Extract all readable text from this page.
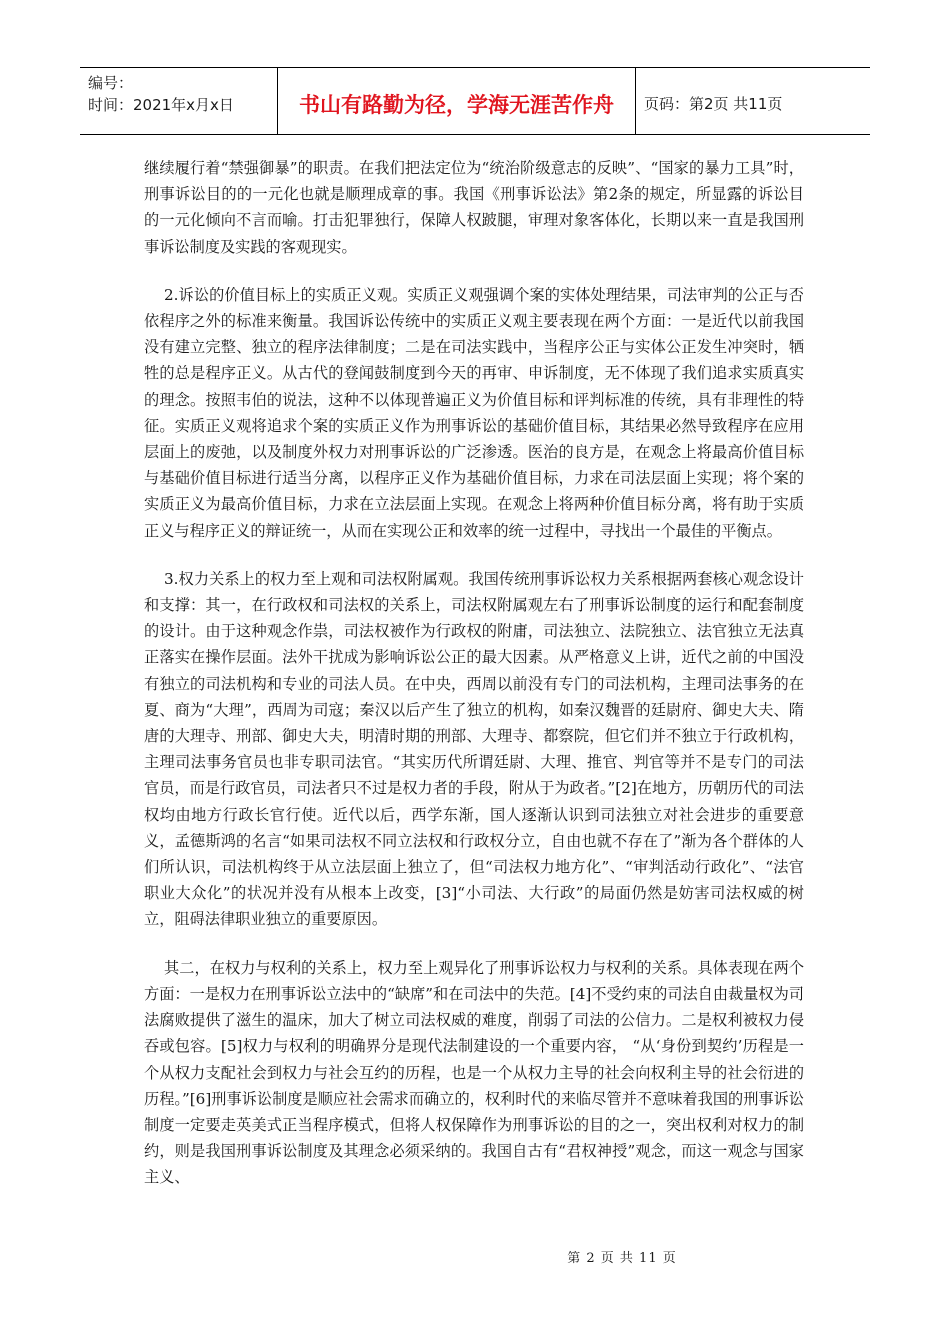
编号：
时间：2021年x月x日	书山有路勤为径，学海无涯苦作舟	页码：第2页 共11页

继续履行着“禁强御暴”的职责。在我们把法定位为“统治阶级意志的反映”、“国家的暴力工具”时，刑事诉讼目的的一元化也就是顺理成章的事。我国《刑事诉讼法》第2条的规定，所显露的诉讼目的一元化倾向不言而喻。打击犯罪独行，保障人权跛腿，审理对象客体化，长期以来一直是我国刑事诉讼制度及实践的客观现实。

2.诉讼的价值目标上的实质正义观。实质正义观强调个案的实体处理结果，司法审判的公正与否依程序之外的标准来衡量。我国诉讼传统中的实质正义观主要表现在两个方面：一是近代以前我国没有建立完整、独立的程序法律制度；二是在司法实践中，当程序公正与实体公正发生冲突时，牺牲的总是程序正义。从古代的登闻鼓制度到今天的再审、申诉制度，无不体现了我们追求实质真实的理念。按照韦伯的说法，这种不以体现普遍正义为价值目标和评判标准的传统，具有非理性的特征。实质正义观将追求个案的实质正义作为刑事诉讼的基础价值目标，其结果必然导致程序在应用层面上的废弛，以及制度外权力对刑事诉讼的广泛渗透。医治的良方是，在观念上将最高价值目标与基础价值目标进行适当分离，以程序正义作为基础价值目标，力求在司法层面上实现；将个案的实质正义为最高价值目标，力求在立法层面上实现。在观念上将两种价值目标分离，将有助于实质正义与程序正义的辩证统一，从而在实现公正和效率的统一过程中，寻找出一个最佳的平衡点。

3.权力关系上的权力至上观和司法权附属观。我国传统刑事诉讼权力关系根据两套核心观念设计和支撑：其一，在行政权和司法权的关系上，司法权附属观左右了刑事诉讼制度的运行和配套制度的设计。由于这种观念作祟，司法权被作为行政权的附庸，司法独立、法院独立、法官独立无法真正落实在操作层面。法外干扰成为影响诉讼公正的最大因素。从严格意义上讲，近代之前的中国没有独立的司法机构和专业的司法人员。在中央，西周以前没有专门的司法机构，主理司法事务的在夏、商为“大理”，西周为司寇；秦汉以后产生了独立的机构，如秦汉魏晋的廷尉府、御史大夫、隋唐的大理寺、刑部、御史大夫，明清时期的刑部、大理寺、都察院，但它们并不独立于行政机构，主理司法事务官员也非专职司法官。“其实历代所谓廷尉、大理、推官、判官等并不是专门的司法官员，而是行政官员，司法者只不过是权力者的手段，附从于为政者。”[2]在地方，历朝历代的司法权均由地方行政长官行使。近代以后，西学东渐，国人逐渐认识到司法独立对社会进步的重要意义，孟德斯鸿的名言“如果司法权不同立法权和行政权分立，自由也就不存在了”渐为各个群体的人们所认识，司法机构终于从立法层面上独立了，但“司法权力地方化”、“审判活动行政化”、“法官职业大众化”的状况并没有从根本上改变，[3]“小司法、大行政”的局面仍然是妨害司法权威的树立，阻碍法律职业独立的重要原因。

其二，在权力与权利的关系上，权力至上观异化了刑事诉讼权力与权利的关系。具体表现在两个方面：一是权力在刑事诉讼立法中的“缺席”和在司法中的失范。[4]不受约束的司法自由裁量权为司法腐败提供了滋生的温床，加大了树立司法权威的难度，削弱了司法的公信力。二是权利被权力侵吞或包容。[5]权力与权利的明确界分是现代法制建设的一个重要内容， “从‘身份到契约’历程是一个从权力支配社会到权力与社会互约的历程，也是一个从权力主导的社会向权利主导的社会衍进的历程。”[6]刑事诉讼制度是顺应社会需求而确立的，权利时代的来临尽管并不意味着我国的刑事诉讼制度一定要走英美式正当程序模式，但将人权保障作为刑事诉讼的目的之一，突出权利对权力的制约，则是我国刑事诉讼制度及其理念必须采纳的。我国自古有“君权神授”观念，而这一观念与国家主义、

第 2 页 共 11 页
